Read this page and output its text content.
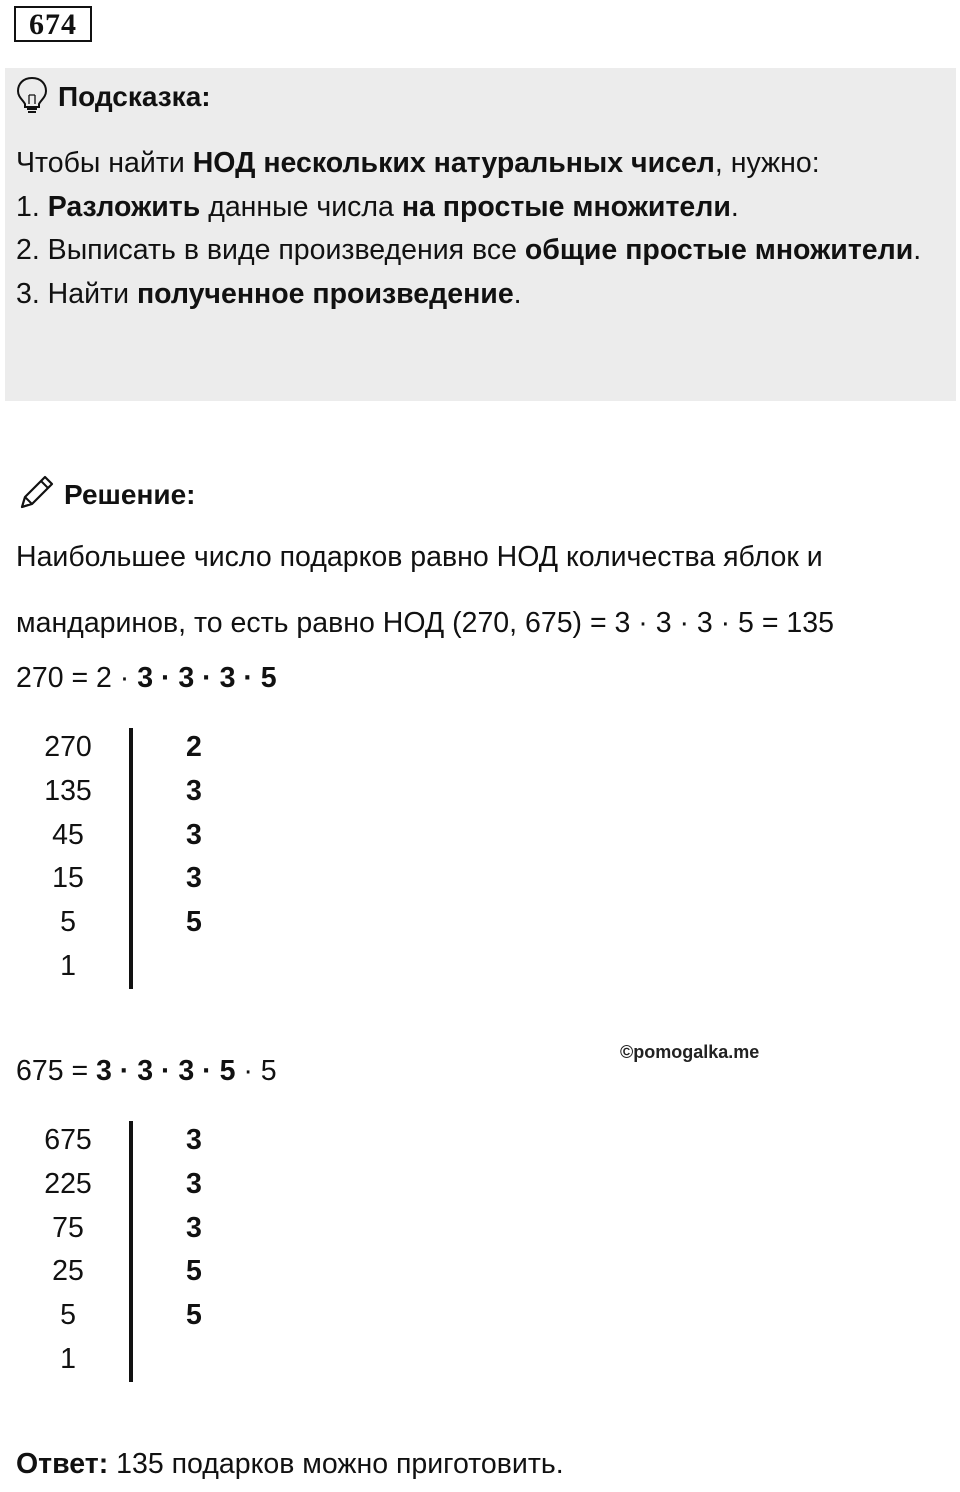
674
Подсказка:

Чтобы найти НОД нескольких натуральных чисел, нужно:

1. Разложить данные числа на простые множители.

2. Выписать в виде произведения все общие простые множители.

3. Найти полученное произведение.

Решение:
Наибольшее число подарков равно НОД количества яблок и
мандаринов, то есть равно НОД (270, 675) = 3 · 3 · 3 · 5 = 135
270 = 2 · 3 · 3 · 3 · 5
270	2
135	3
45	3
15	3
5	5
1
©pomogalka.me
675 = 3 · 3 · 3 · 5 · 5
675	3
225	3
75	3
25	5
5	5
1
Ответ: 135 подарков можно приготовить.
